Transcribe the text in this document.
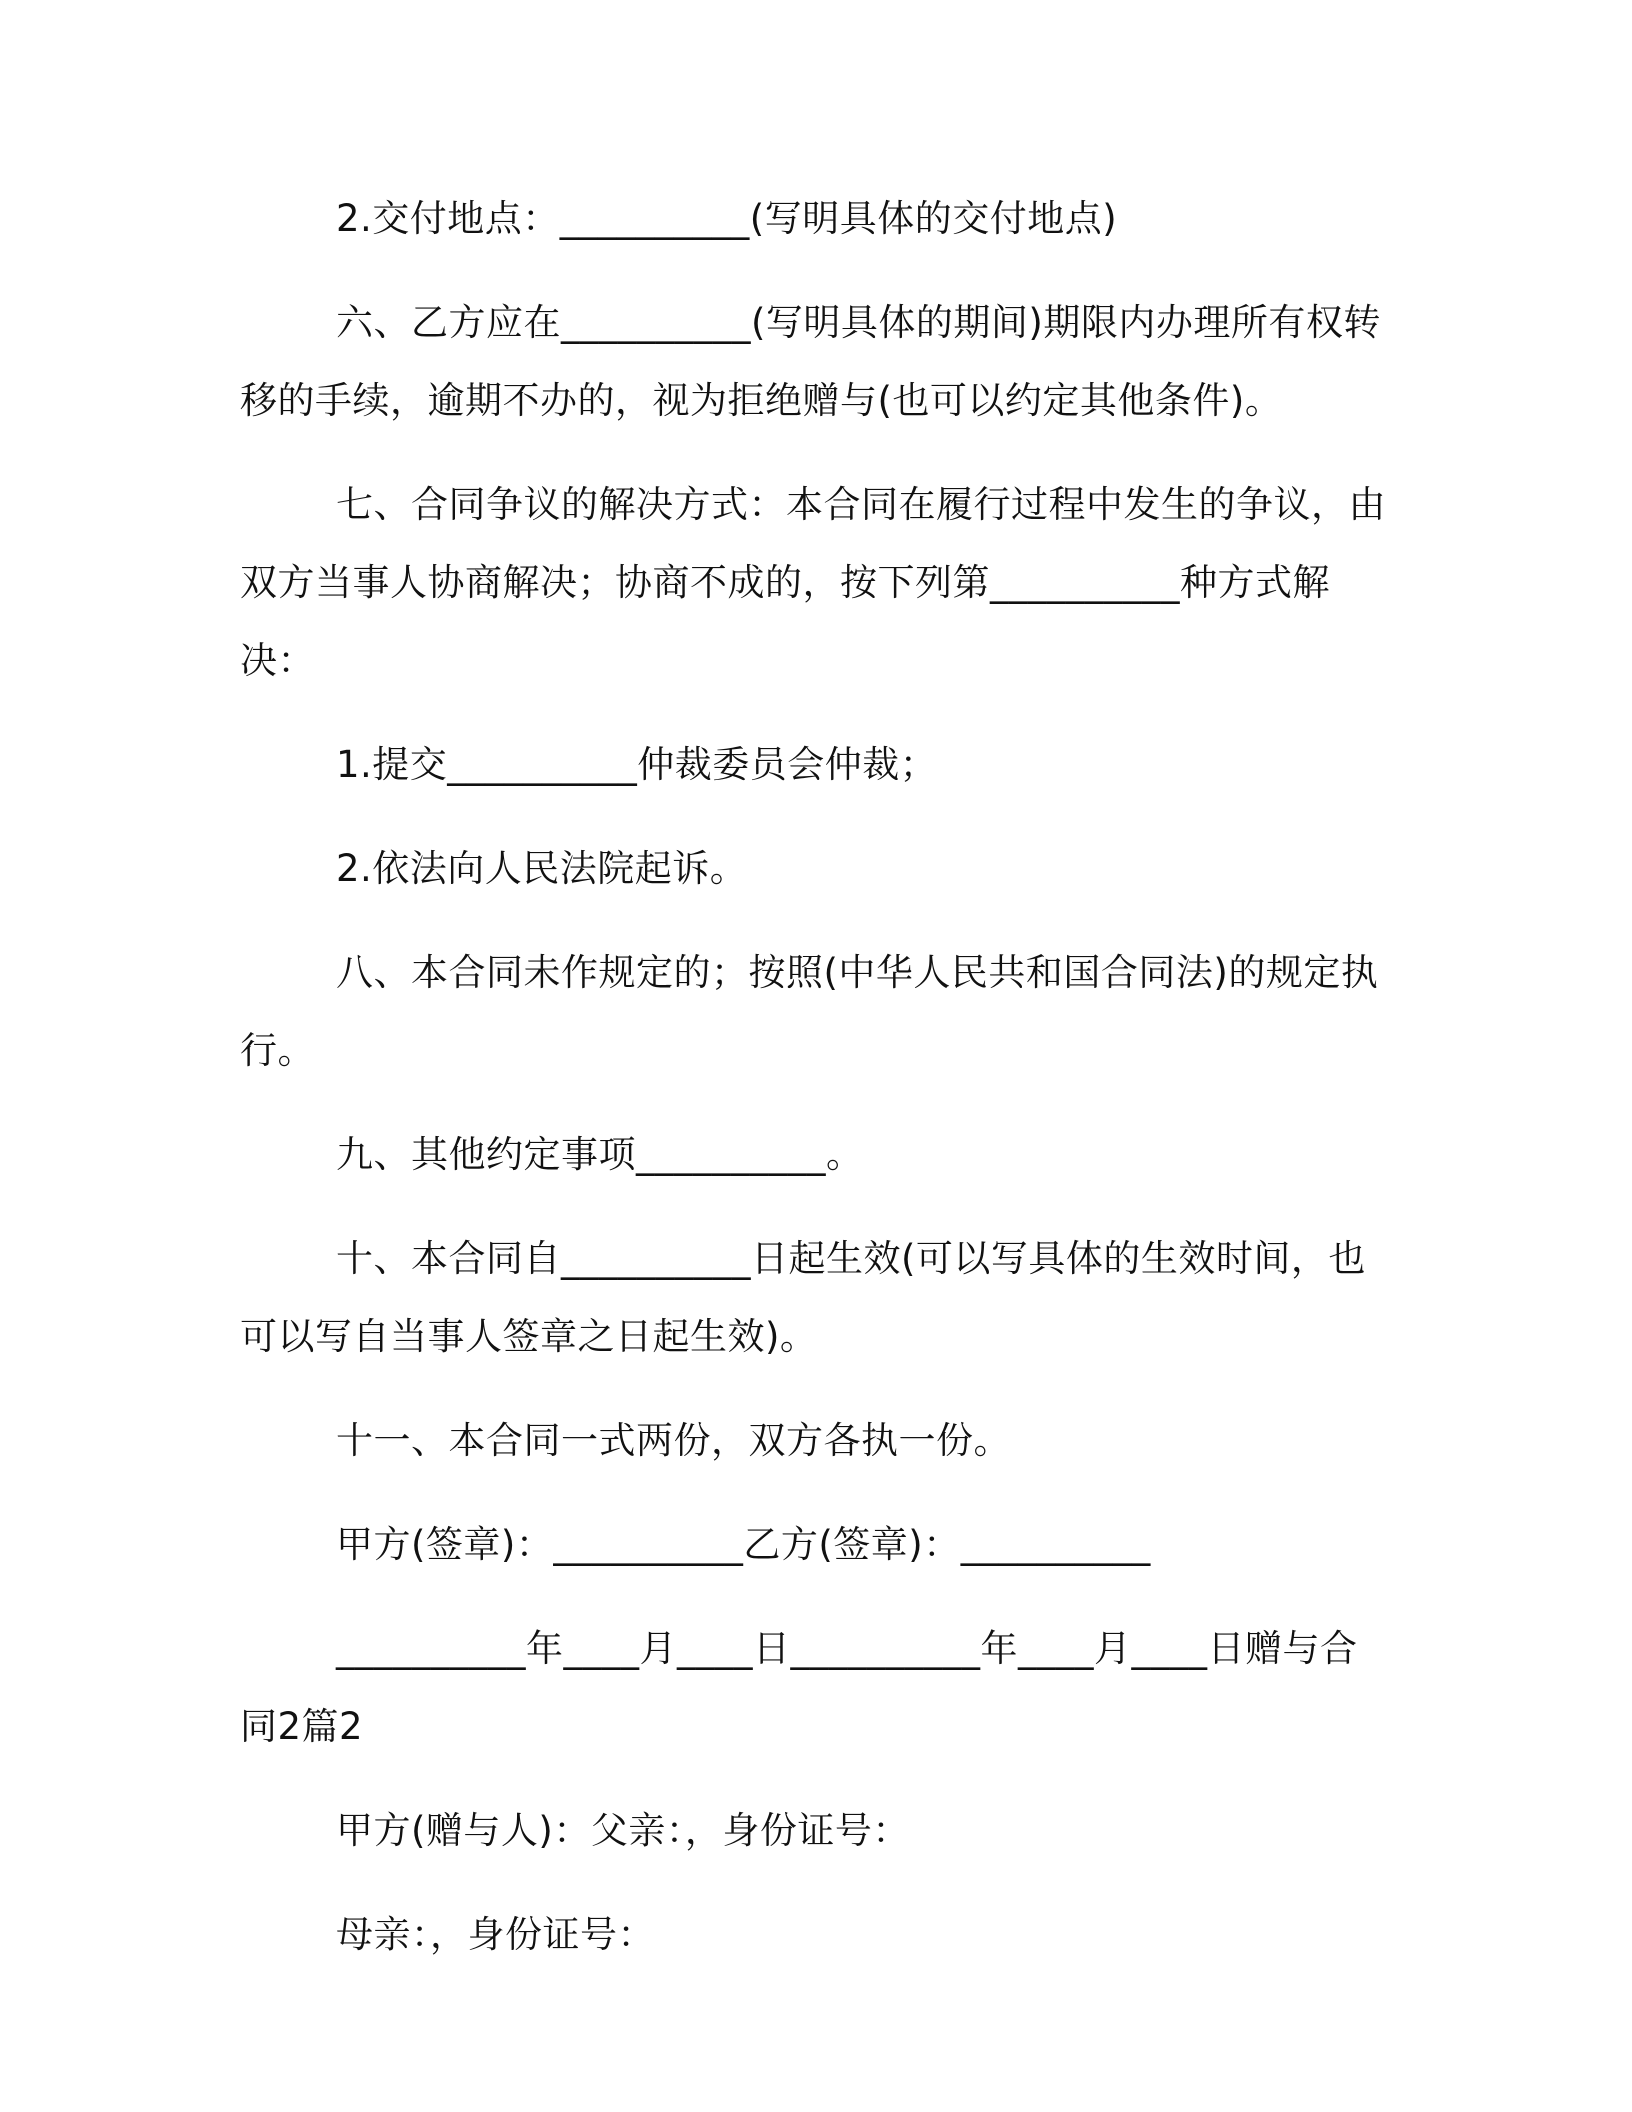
2.交付地点：__________(写明具体的交付地点)

六、乙方应在__________(写明具体的期间)期限内办理所有权转移的手续，逾期不办的，视为拒绝赠与(也可以约定其他条件)。

七、合同争议的解决方式：本合同在履行过程中发生的争议，由双方当事人协商解决；协商不成的，按下列第__________种方式解决：

1.提交__________仲裁委员会仲裁；

2.依法向人民法院起诉。

八、本合同未作规定的；按照(中华人民共和国合同法)的规定执行。

九、其他约定事项__________。

十、本合同自__________日起生效(可以写具体的生效时间，也可以写自当事人签章之日起生效)。

十一、本合同一式两份，双方各执一份。

甲方(签章)：__________乙方(签章)：__________

__________年____月____日__________年____月____日赠与合同2篇2

甲方(赠与人)：父亲：，身份证号：

母亲：，身份证号：
